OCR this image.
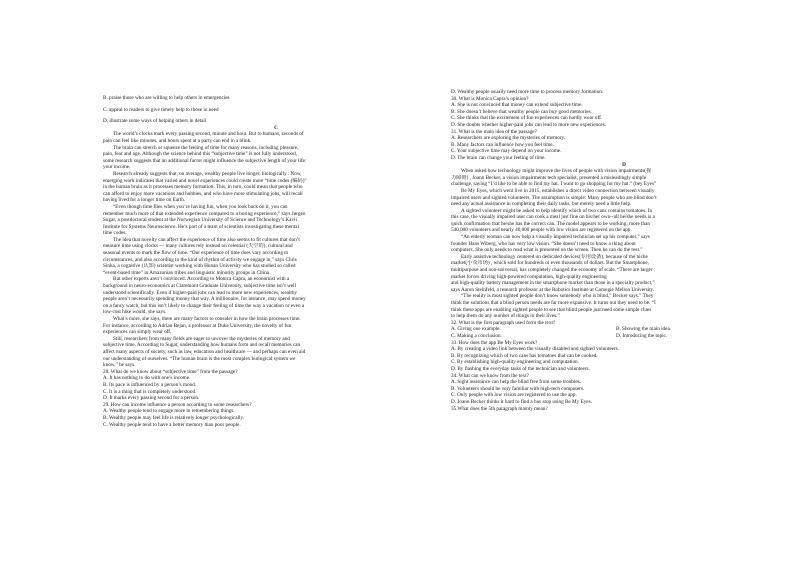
B. praise those who are willing to help others in emergencies
C. appeal to readers to give timely help to those in need
D. illustrate some ways of helping others in detail
C
The world’s clocks mark every passing second, minute and hour. But to humans, seconds of
pain can feel like minutes, and hours spent at a party can end in a blink.
The brain can stretch or squeeze the feeling of time for many reasons, including pleasure,
pain, fear and age. Although the science behind this “subjective time” is not fully understood,
some research suggests that an additional factor might influence the subjective length of your life:
your income.
Research already suggests that, on average, wealthy people live longer, biologically . Now,
emerging work indicates that varied and novel experiences could create more “time codes (编码)”
in the human brain as it processes memory formation. This, in turn, could mean that people who
can afford to enjoy more vacations and hobbies, and who have more stimulating jobs, will recall
having lived for a longer time on Earth.
“Even though time flies when you’re having fun, when you look back on it, you can
remember much more of that extended experience compared to a boring experience,” says Jørgen
Sugar, a postdoctoral student at the Norwegian University of Science and Technology’s Kavli
Institute for Systems Neuroscience. He’s part of a team of scientists investigating these mental
time codes.
The idea that novelty can affect the experience of time also seems to fit cultures that don’t
measure time using clocks — many cultures rely instead on celestial (天空的), cultural and
seasonal events to mark the flow of time. “Our experience of time does vary according to
circumstances, and also according to the kind of rhythm of activity we engage in,” says Chris
Sinha, a cognitive (认知) scientist working with Hunan University who has studied so called
“event-based time” in Amazonian tribes and linguistic minority groups in China.
But other experts aren’t convinced. According to Monica Capra, an economist with a
background in neuro-economics at Claremont Graduate University, subjective time isn’t well
understood scientifically. Even if higher-paid jobs can lead to more new experiences, wealthy
people aren’t necessarily spending money that way. A millionaire, for instance, may spend money
on a fancy watch, but this isn’t likely to change their feeling of time the way a vacation or even a
low-cost hike would, she says.
What’s more, she says, there are many factors to consider in how the brain processes time.
For instance, according to Adrian Bejan, a professor at Duke University, the novelty of fun
experiences can simply wear off.
Still, researchers from many fields are eager to uncover the mysteries of memory and
subjective time. According to Sugar, understanding how humans form and recall memories can
affect many aspects of society, such as law, education and healthcare — and perhaps can even aid
our understanding of ourselves. “The human brain is the most complex biological system we
know,” he says.
28. What do we know about “subjective time” from the passage?
A. It has nothing to do with one’s income.
B. Its pace is influenced by a person’s mood.
C. It is a thing that is completely understood.
D. It marks every passing second for a person.
29. How can income influence a person according to some researchers?
A. Wealthy people tend to engage more in remembering things.
B. Wealthy people may feel life is relatively longer psychologically.
C. Wealthy people tend to have a better memory than poor people.
D. Wealthy people usually need more time to process memory formation.
30. What is Monica Capra’s opinion?
A. She is not convinced that money can extend subjective time.
B. She doesn’t believe that wealthy people can buy good memories.
C. She thinks that the excitement of fun experiences can hardly wear off.
D. She doubts whether higher-paid jobs can lead to more new experiences.
31. What is the main idea of the passage?
A. Researchers are exploring the mysteries of memory.
B. Many factors can influence how you feel time.
C. Your subjective time may depend on your income.
D. The brain can change your feeling of time.
D
When asked how technology might improve the lives of people with vision impairments(视
力障碍) , Joann Becker, a vision impairments tech specialist, presented a misleadingly simple
challenge, saying “I’d like to be able to find my hat. I want to go shopping for my hat.” (bey Eyes”
Be My Eyes, which went live in 2015, establishes a direct video connection between visually
impaired users and sighted volunteers. The assumption is simple: Many people who are blind don’t
need any actual assistance in completing their daily tasks, but merely need a little help.
A sighted volunteer might be asked to help identify which of two cans contains tomatoes. In
this case, the visually impaired user can cook a meal just fine on his/her own--all he/she needs is a
quick confirmation that he/she has the correct can. The model appears to be working; more than
540,000 volunteers and nearly 40,000 people with low vision are registered on the app.
“An elderly woman can now help a visually impaired technician set up his computer,” says
founder Hans Wiberg, who has very low vision. “She doesn’t need to know a thing about
computers. She only needs to read what is presented on the screen. Then he can do the rest.”
Early assistive technology centered on dedicated devices(专用设备), because of the niche
market(小众市场) , which sold for hundreds or even thousands of dollars. But the Smartphone,
multipurpose and non-universal, has completely changed the economy of scale. “There are larger
market forces driving high-powered computation, high-quality engineering
and high-quality battery management in the smartphone market than those in a specialty product,”
says Aaron Steinfeld, a research professor at the Robotics Institute at Carnegie Mellon University.
“The reality is most sighted people don’t know somebody who is blind,” Becker says.” They
think the solutions that a blind person needs are far more expansive. It turns out they need to be. “I
think these apps are enabling sighted people to see that blind people just need some simple clues
to help them do any number of things in their lives.”
32. What is the first paragraph used form the text?
A. Giving one example.	B. Showing the main idea.
C. Making a conclusion.	D. Introducing the topic.
33. How does the app Be My Eyes work?
A. By creating a video link between the visually disabled and sighted volunteers.
B. By recognizing which of two cans has tomatoes that can be cooked.
C. By establishing high-quality engineering and computation.
D. By flashing the everyday tasks of the technician and volunteers.
34. What can we know from the text?
A. Sight assistance can help the blind free from some troubles.
B. Volunteers should be very familiar with high-tech computers.
C. Only people with low vision are registered to use the app.
D. Joann Becker thinks it hard to find a bus stop using Be My Eyes.
35.What does the 5th paragraph mainly mean?
